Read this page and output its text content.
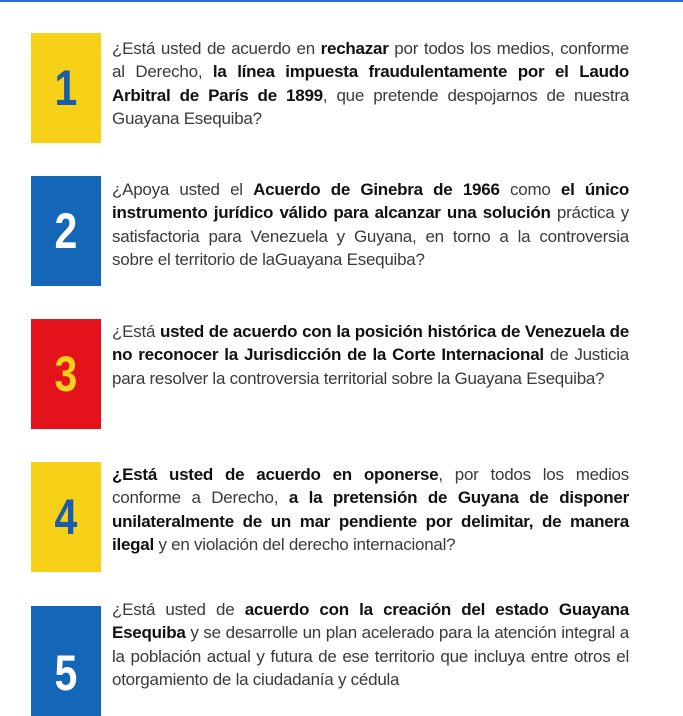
1
¿Está usted de acuerdo en rechazar por todos los medios, conforme al Derecho, la línea impuesta fraudulentamente por el Laudo Arbitral de París de 1899, que pretende despojarnos de nuestra Guayana Esequiba?
2
¿Apoya usted el Acuerdo de Ginebra de 1966 como el único instrumento jurídico válido para alcanzar una solución práctica y satisfactoria para Venezuela y Guyana, en torno a la controversia sobre el territorio de laGuayana Esequiba?
3
¿Está usted de acuerdo con la posición histórica de Venezuela de no reconocer la Jurisdicción de la Corte Internacional de Justicia para resolver la controversia territorial sobre la Guayana Esequiba?
4
¿Está usted de acuerdo en oponerse, por todos los medios conforme a Derecho, a la pretensión de Guyana de disponer unilateralmente de un mar pendiente por delimitar, de manera ilegal y en violación del derecho internacional?
5
¿Está usted de acuerdo con la creación del estado Guayana Esequiba y se desarrolle un plan acelerado para la atención integral a la población actual y futura de ese territorio que incluya entre otros el otorgamiento de la ciudadanía y cédula
